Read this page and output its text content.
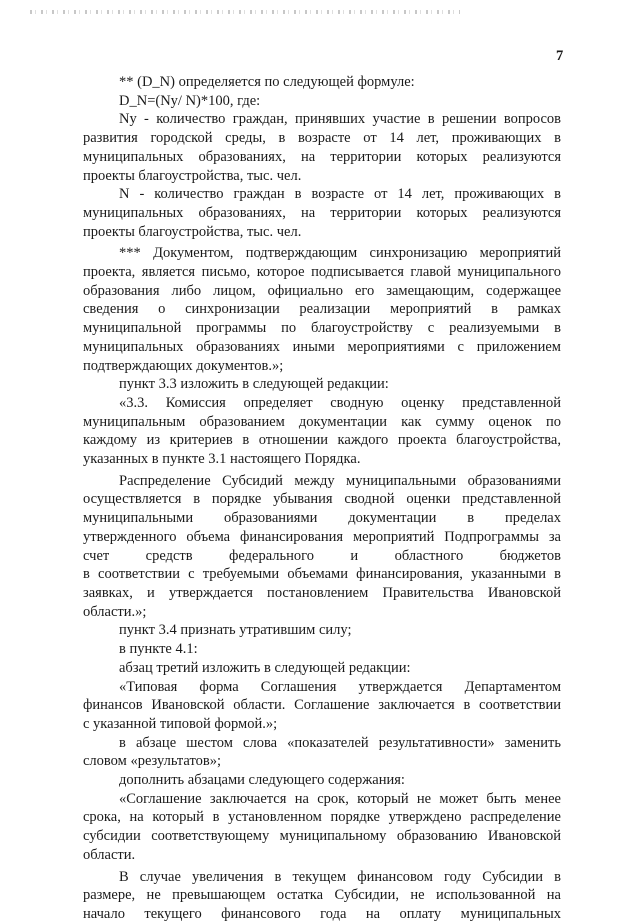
7

** (D_N) определяется по следующей формуле:

D_N=(Ny/ N)*100, где:

Ny - количество граждан, принявших участие в решении вопросов

развития городской среды, в возрасте от 14 лет, проживающих в

муниципальных образованиях, на территории которых реализуются

проекты благоустройства, тыс. чел.

N - количество граждан в возрасте от 14 лет, проживающих в

муниципальных образованиях, на территории которых реализуются

проекты благоустройства, тыс. чел.

*** Документом, подтверждающим синхронизацию мероприятий

проекта, является письмо, которое подписывается главой муниципального

образования либо лицом, официально его замещающим, содержащее

сведения о синхронизации реализации мероприятий в рамках

муниципальной программы по благоустройству с реализуемыми в

муниципальных образованиях иными мероприятиями с приложением

подтверждающих документов.»;

пункт 3.3 изложить в следующей редакции:

«3.3. Комиссия определяет сводную оценку представленной

муниципальным образованием документации как сумму оценок по

каждому из критериев в отношении каждого проекта благоустройства,

указанных в пункте 3.1 настоящего Порядка.

Распределение Субсидий между муниципальными образованиями

осуществляется в порядке убывания сводной оценки представленной

муниципальными образованиями документации в пределах

утвержденного объема финансирования мероприятий Подпрограммы за

счет средств федерального и областного бюджетов

в соответствии с требуемыми объемами финансирования, указанными в

заявках, и утверждается постановлением Правительства Ивановской

области.»;

пункт 3.4 признать утратившим силу;

в пункте 4.1:

абзац третий изложить в следующей редакции:

«Типовая форма Соглашения утверждается Департаментом

финансов Ивановской области. Соглашение заключается в соответствии

с указанной типовой формой.»;

в абзаце шестом слова «показателей результативности» заменить

словом «результатов»;

дополнить абзацами следующего содержания:

«Соглашение заключается на срок, который не может быть менее

срока, на который в установленном порядке утверждено распределение

субсидии соответствующему муниципальному образованию Ивановской

области.

В случае увеличения в текущем финансовом году Субсидии в

размере, не превышающем остатка Субсидии, не использованной на

начало текущего финансового года на оплату муниципальных
